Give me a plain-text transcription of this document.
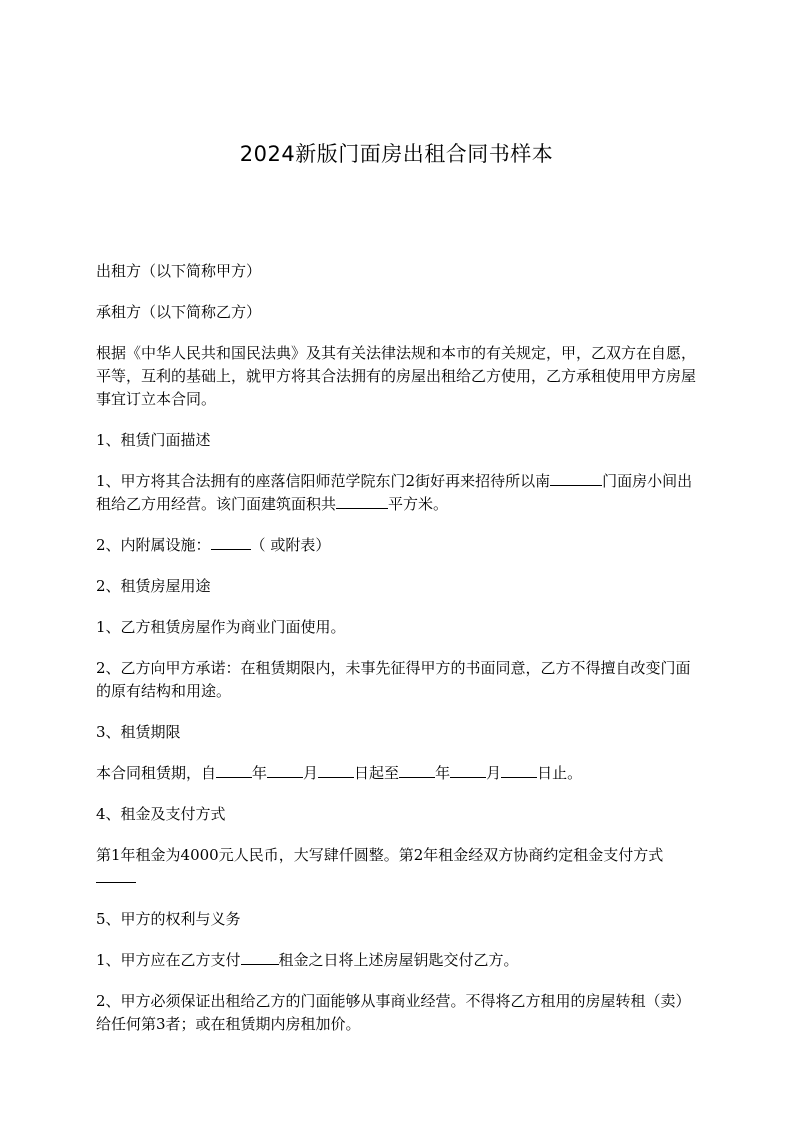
2024新版门面房出租合同书样本

出租方（以下简称甲方）

承租方（以下简称乙方）

根据《中华人民共和国民法典》及其有关法律法规和本市的有关规定，甲，乙双方在自愿，平等，互利的基础上，就甲方将其合法拥有的房屋出租给乙方使用，乙方承租使用甲方房屋事宜订立本合同。

1、租赁门面描述

1、甲方将其合法拥有的座落信阳师范学院东门2街好再来招待所以南	门面房小间出租给乙方用经营。该门面建筑面积共	平方米。

2、内附属设施：	（ 或附表）

2、租赁房屋用途

1、乙方租赁房屋作为商业门面使用。

2、乙方向甲方承诺：在租赁期限内，未事先征得甲方的书面同意，乙方不得擅自改变门面的原有结构和用途。

3、租赁期限

本合同租赁期，自 年 月 日起至 年 月 日止。

4、租金及支付方式

第1年租金为4000元人民币，大写肆仟圆整。第2年租金经双方协商约定租金支付方式

5、甲方的权利与义务

1、甲方应在乙方支付	租金之日将上述房屋钥匙交付乙方。

2、甲方必须保证出租给乙方的门面能够从事商业经营。不得将乙方租用的房屋转租（卖）给任何第3者；或在租赁期内房租加价。
